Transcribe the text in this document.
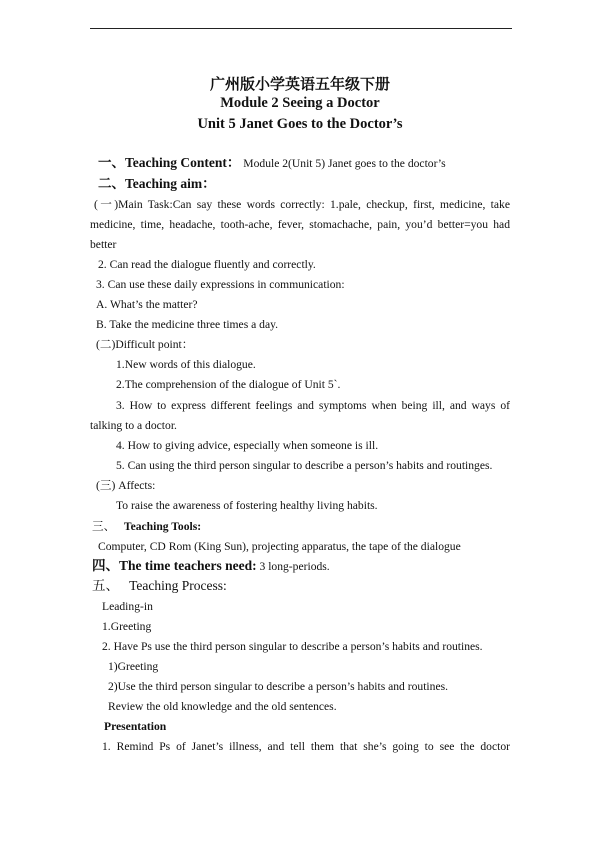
广州版小学英语五年级下册
Module 2 Seeing a Doctor
Unit 5 Janet Goes to the Doctor’s
一、Teaching Content： Module 2(Unit 5) Janet goes to the doctor’s
二、Teaching aim：
(一)Main Task:Can say these words correctly: 1.pale, checkup, first, medicine, take
medicine, time, headache, tooth-ache, fever, stomachache, pain, you’d better=you had
better
2. Can read the dialogue fluently and correctly.
3. Can use these daily expressions in communication:
A. What’s the matter?
B. Take the medicine three times a day.
(二)Difficult point：
1.New words of this dialogue.
2.The comprehension of the dialogue of Unit 5`.
3. How to express different feelings and symptoms when being ill, and ways of
talking to a doctor.
4. How to giving advice, especially when someone is ill.
5. Can using the third person singular to describe a person’s habits and routinges.
(三) Affects:
To raise the awareness of fostering healthy living habits.
三、 Teaching Tools:
Computer, CD Rom (King Sun), projecting apparatus, the tape of the dialogue
四、The time teachers need: 3 long-periods.
五、 Teaching Process:
Leading-in
1.Greeting
2. Have Ps use the third person singular to describe a person’s habits and routines.
1)Greeting
2)Use the third person singular to describe a person’s habits and routines.
Review the old knowledge and the old sentences.
Presentation
1. Remind Ps of Janet’s illness, and tell them that she’s going to see the doctor
